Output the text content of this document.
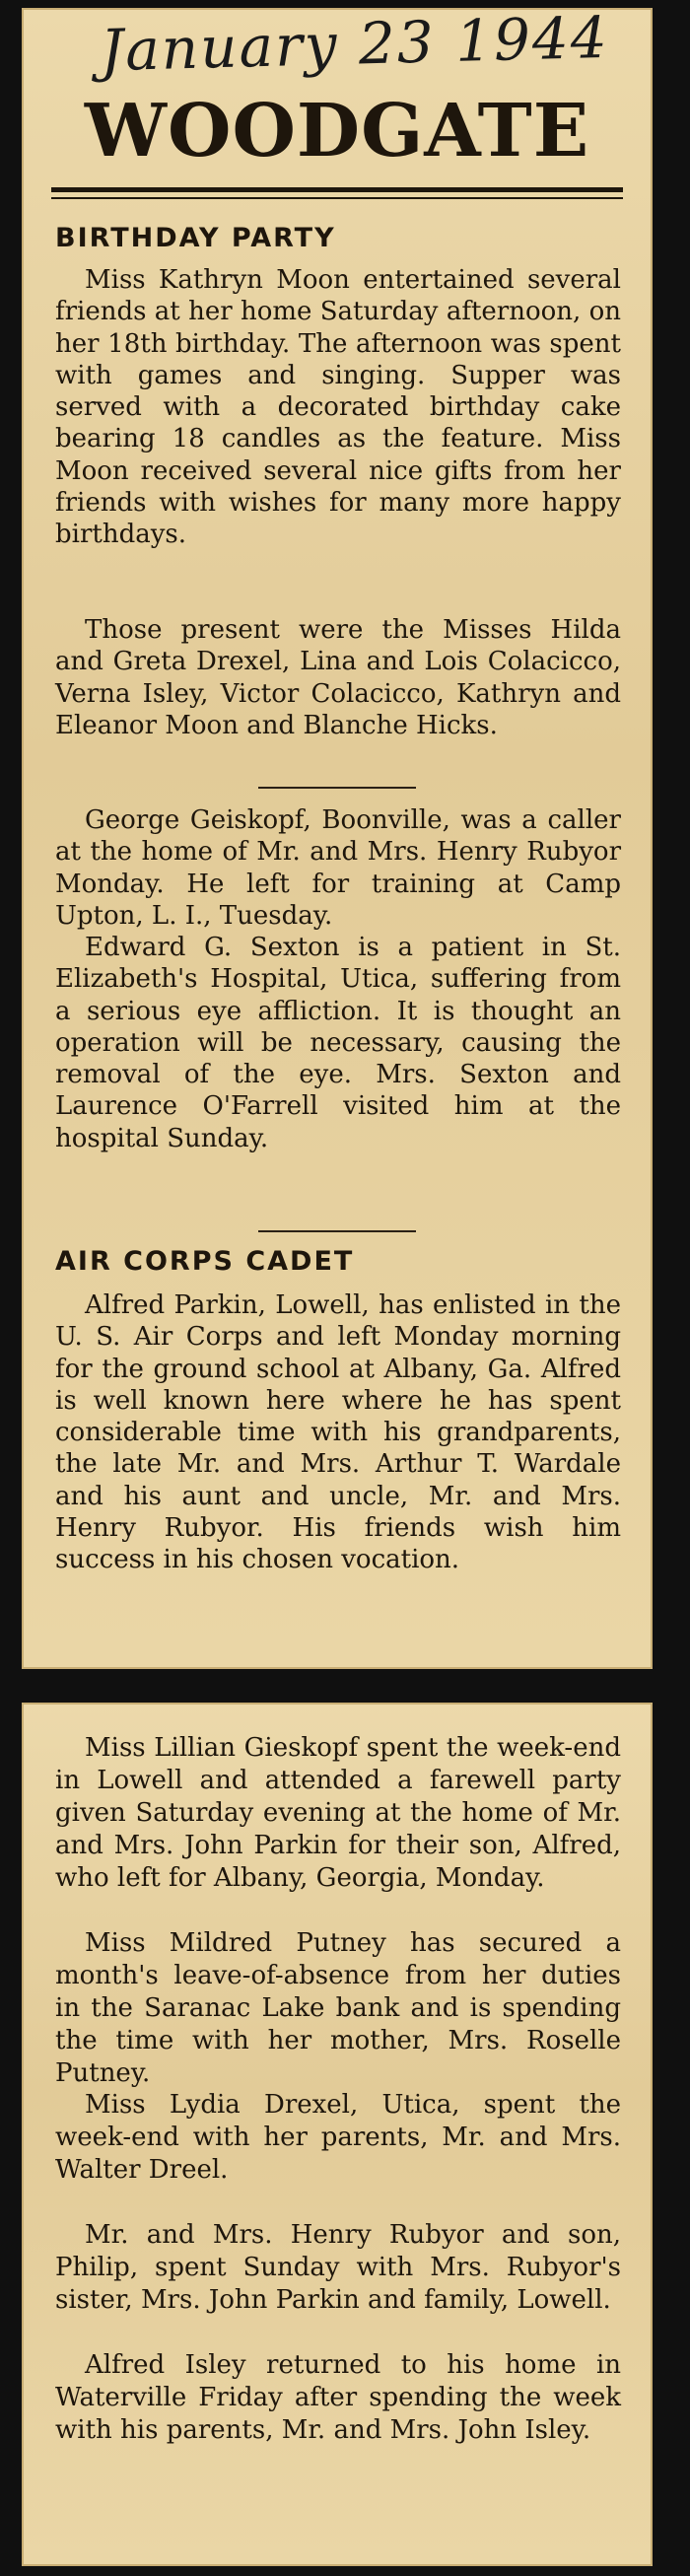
January 23 1944
WOODGATE
BIRTHDAY PARTY

Miss Kathryn Moon entertained several friends at her home Saturday afternoon, on her 18th birthday. The afternoon was spent with games and singing. Supper was served with a decorated birthday cake bearing 18 candles as the feature. Miss Moon received several nice gifts from her friends with wishes for many more happy birthdays.

Those present were the Misses Hilda and Greta Drexel, Lina and Lois Colacicco, Verna Isley, Victor Colacicco, Kathryn and Eleanor Moon and Blanche Hicks.

George Geiskopf, Boonville, was a caller at the home of Mr. and Mrs. Henry Rubyor Monday. He left for training at Camp Upton, L. I., Tuesday.

Edward G. Sexton is a patient in St. Elizabeth's Hospital, Utica, suffering from a serious eye affliction. It is thought an operation will be necessary, causing the removal of the eye. Mrs. Sexton and Laurence O'Farrell visited him at the hospital Sunday.

AIR CORPS CADET

Alfred Parkin, Lowell, has enlisted in the U. S. Air Corps and left Monday morning for the ground school at Albany, Ga. Alfred is well known here where he has spent considerable time with his grandparents, the late Mr. and Mrs. Arthur T. Wardale and his aunt and uncle, Mr. and Mrs. Henry Rubyor. His friends wish him success in his chosen vocation.

Miss Lillian Gieskopf spent the week-end in Lowell and attended a farewell party given Saturday evening at the home of Mr. and Mrs. John Parkin for their son, Alfred, who left for Albany, Georgia, Monday.

Miss Mildred Putney has secured a month's leave-of-absence from her duties in the Saranac Lake bank and is spending the time with her mother, Mrs. Roselle Putney.

Miss Lydia Drexel, Utica, spent the week-end with her parents, Mr. and Mrs. Walter Dreel.

Mr. and Mrs. Henry Rubyor and son, Philip, spent Sunday with Mrs. Rubyor's sister, Mrs. John Parkin and family, Lowell.

Alfred Isley returned to his home in Waterville Friday after spending the week with his parents, Mr. and Mrs. John Isley.
